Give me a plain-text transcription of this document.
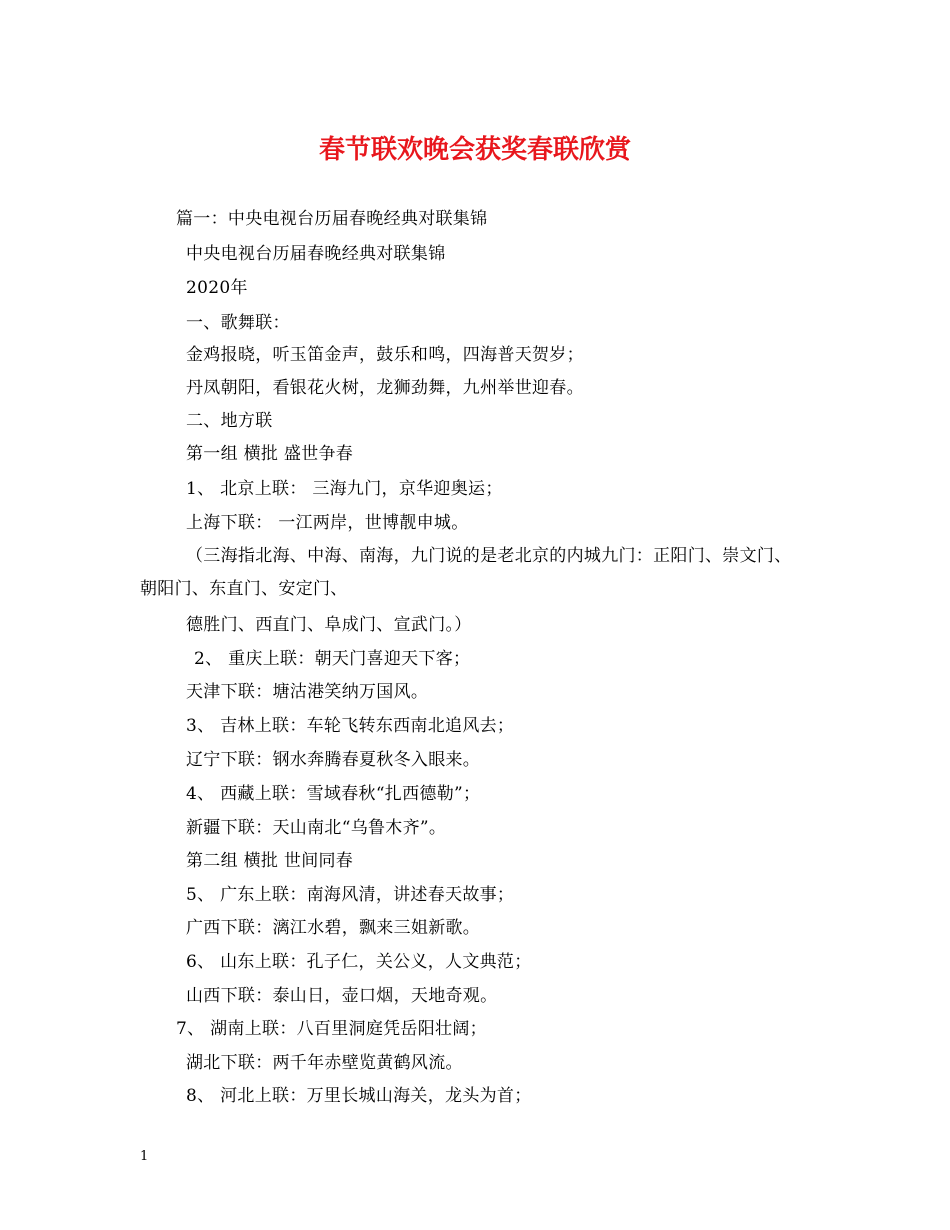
春节联欢晚会获奖春联欣赏
篇一：中央电视台历届春晚经典对联集锦
中央电视台历届春晚经典对联集锦
2020年
一、歌舞联：
金鸡报晓，听玉笛金声，鼓乐和鸣，四海普天贺岁；
丹凤朝阳，看银花火树，龙狮劲舞，九州举世迎春。
二、地方联
第一组 横批 盛世争春
1、 北京上联： 三海九门，京华迎奥运；
上海下联： 一江两岸，世博靓申城。
（三海指北海、中海、南海，九门说的是老北京的内城九门：正阳门、崇文门、
朝阳门、东直门、安定门、
德胜门、西直门、阜成门、宣武门。）
2、 重庆上联：朝天门喜迎天下客；
天津下联：塘沽港笑纳万国风。
3、 吉林上联：车轮飞转东西南北追风去；
辽宁下联：钢水奔腾春夏秋冬入眼来。
4、 西藏上联：雪域春秋“扎西德勒”；
新疆下联：天山南北“乌鲁木齐”。
第二组 横批 世间同春
5、 广东上联：南海风清，讲述春天故事；
广西下联：漓江水碧，飘来三姐新歌。
6、 山东上联：孔子仁，关公义，人文典范；
山西下联：泰山日，壶口烟，天地奇观。
7、 湖南上联：八百里洞庭凭岳阳壮阔；
湖北下联：两千年赤壁览黄鹤风流。
8、 河北上联：万里长城山海关，龙头为首；
1
